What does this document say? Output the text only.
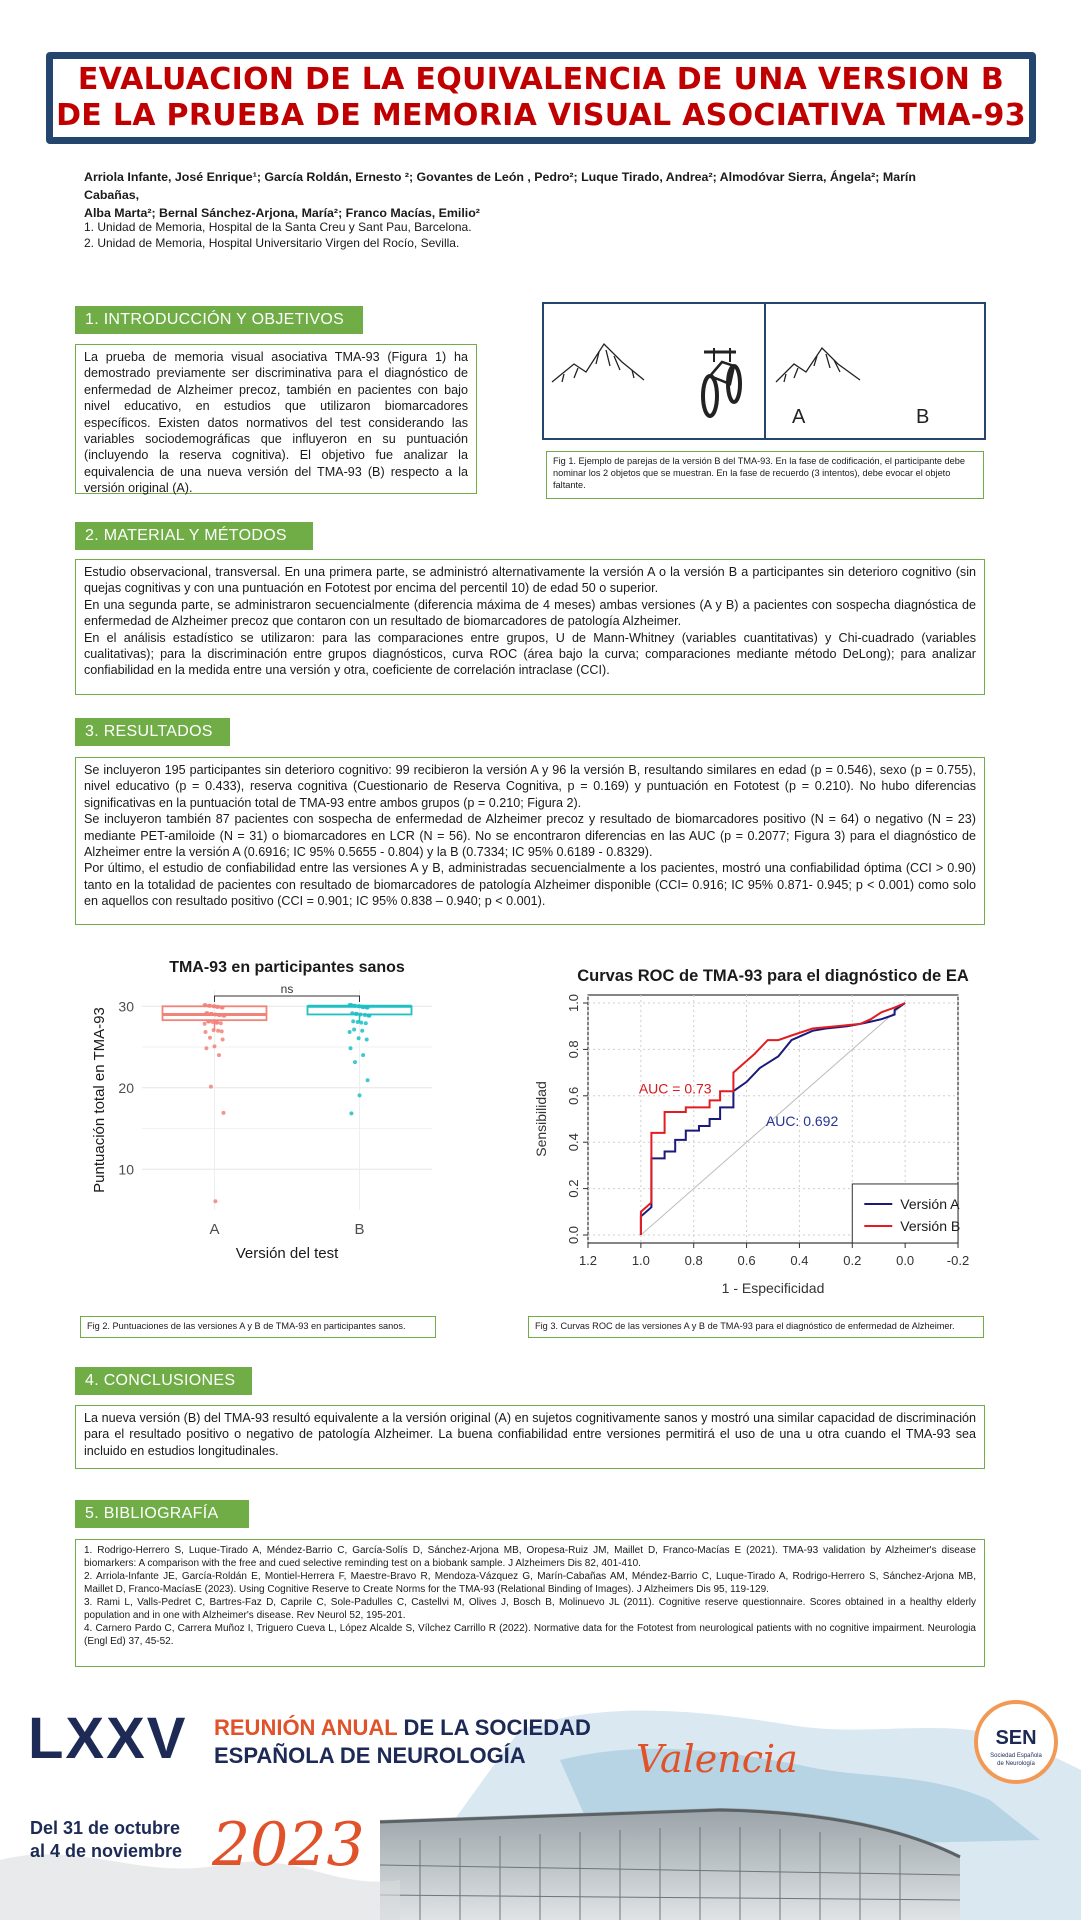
EVALUACION DE LA EQUIVALENCIA DE UNA VERSION B
DE LA PRUEBA DE MEMORIA VISUAL ASOCIATIVA TMA-93
Arriola Infante, José Enrique¹; García Roldán, Ernesto ²; Govantes de León , Pedro²; Luque Tirado, Andrea²; Almodóvar Sierra, Ángela²; Marín Cabañas,
Alba Marta²; Bernal Sánchez-Arjona, María²; Franco Macías, Emilio²
1. Unidad de Memoria, Hospital de la Santa Creu y Sant Pau, Barcelona.
2. Unidad de Memoria, Hospital Universitario Virgen del Rocío, Sevilla.
1. INTRODUCCIÓN Y OBJETIVOS

La prueba de memoria visual asociativa TMA-93 (Figura 1) ha demostrado previamente ser discriminativa para el diagnóstico de enfermedad de Alzheimer precoz, también en pacientes con bajo nivel educativo, en estudios que utilizaron biomarcadores específicos. Existen datos normativos del test considerando las variables sociodemográficas que influyeron en su puntuación (incluyendo la reserva cognitiva). El objetivo fue analizar la equivalencia de una nueva versión del TMA-93 (B) respecto a la versión original (A).

A	B
Fig 1. Ejemplo de parejas de la versión B del TMA-93. En la fase de codificación, el participante debe nominar los 2 objetos que se muestran. En la fase de recuerdo (3 intentos), debe evocar el objeto faltante.
2. MATERIAL Y MÉTODOS

Estudio observacional, transversal. En una primera parte, se administró alternativamente la versión A o la versión B a participantes sin deterioro cognitivo (sin quejas cognitivas y con una puntuación en Fototest por encima del percentil 10) de edad 50 o superior.

En una segunda parte, se administraron secuencialmente (diferencia máxima de 4 meses) ambas versiones (A y B) a pacientes con sospecha diagnóstica de enfermedad de Alzheimer precoz que contaron con un resultado de biomarcadores de patología Alzheimer.

En el análisis estadístico se utilizaron: para las comparaciones entre grupos, U de Mann-Whitney (variables cuantitativas) y Chi-cuadrado (variables cualitativas); para la discriminación entre grupos diagnósticos, curva ROC (área bajo la curva; comparaciones mediante método DeLong); para analizar confiabilidad en la medida entre una versión y otra, coeficiente de correlación intraclase (CCI).

3. RESULTADOS

Se incluyeron 195 participantes sin deterioro cognitivo: 99 recibieron la versión A y 96 la versión B, resultando similares en edad (p = 0.546), sexo (p = 0.755), nivel educativo (p = 0.433), reserva cognitiva (Cuestionario de Reserva Cognitiva, p = 0.169) y puntuación en Fototest (p = 0.210). No hubo diferencias significativas en la puntuación total de TMA-93 entre ambos grupos (p = 0.210; Figura 2).

Se incluyeron también 87 pacientes con sospecha de enfermedad de Alzheimer precoz y resultado de biomarcadores positivo (N = 64) o negativo (N = 23) mediante PET-amiloide (N = 31) o biomarcadores en LCR (N = 56). No se encontraron diferencias en las AUC (p = 0.2077; Figura 3) para el diagnóstico de Alzheimer entre la versión A (0.6916; IC 95% 0.5655 - 0.804) y la B (0.7334; IC 95% 0.6189 - 0.8329).

Por último, el estudio de confiabilidad entre las versiones A y B, administradas secuencialmente a los pacientes, mostró una confiabilidad óptima (CCI > 0.90) tanto en la totalidad de pacientes con resultado de biomarcadores de patología Alzheimer disponible (CCI= 0.916; IC 95% 0.871- 0.945; p < 0.001) como solo en aquellos con resultado positivo (CCI = 0.901; IC 95% 0.838 – 0.940; p < 0.001).

10
20
30
A	B
TMA-93 en participantes sanos
Versión del test
Puntuación total en TMA-93
ns
Fig 2. Puntuaciones de las versiones A y B de TMA-93 en participantes sanos.
Curvas ROC de TMA-93 para el diagnóstico de EA
1.2	1.0	0.8	0.6	0.4	0.2	0.0	-0.2
0.0
0.2
0.4
0.6
0.8
1.0
1 - Especificidad
Sensibilidad	AUC = 0.73
AUC: 0.692
Versión A
Versión B
Fig 3. Curvas ROC de las versiones A y B de TMA-93 para el diagnóstico de enfermedad de Alzheimer.
4. CONCLUSIONES

La nueva versión (B) del TMA-93 resultó equivalente a la versión original (A) en sujetos cognitivamente sanos y mostró una similar capacidad de discriminación para el resultado positivo o negativo de patología Alzheimer. La buena confiabilidad entre versiones permitirá el uso de una u otra cuando el TMA-93 sea incluido en estudios longitudinales.

5. BIBLIOGRAFÍA

1. Rodrigo-Herrero S, Luque-Tirado A, Méndez-Barrio C, García-Solís D, Sánchez-Arjona MB, Oropesa-Ruiz JM, Maillet D, Franco-Macías E (2021). TMA-93 validation by Alzheimer's disease biomarkers: A comparison with the free and cued selective reminding test on a biobank sample. J Alzheimers Dis 82, 401-410.

2. Arriola-Infante JE, García-Roldán E, Montiel-Herrera F, Maestre-Bravo R, Mendoza-Vázquez G, Marín-Cabañas AM, Méndez-Barrio C, Luque-Tirado A, Rodrigo-Herrero S, Sánchez-Arjona MB, Maillet D, Franco-MacíasE (2023). Using Cognitive Reserve to Create Norms for the TMA-93 (Relational Binding of Images). J Alzheimers Dis 95, 119-129.

3. Rami L, Valls-Pedret C, Bartres-Faz D, Caprile C, Sole-Padulles C, Castellvi M, Olives J, Bosch B, Molinuevo JL (2011). Cognitive reserve questionnaire. Scores obtained in a healthy elderly population and in one with Alzheimer's disease. Rev Neurol 52, 195-201.

4. Carnero Pardo C, Carrera Muñoz I, Triguero Cueva L, López Alcalde S, Vílchez Carrillo R (2022). Normative data for the Fototest from neurological patients with no cognitive impairment. Neurologia (Engl Ed) 37, 45-52.

LXXV REUNIÓN ANUAL DE LA SOCIEDAD
ESPAÑOLA DE NEUROLOGÍA	Valencia
Del 31 de octubre
al 4 de noviembre 2023
SEN
Sociedad Española
de Neurología
